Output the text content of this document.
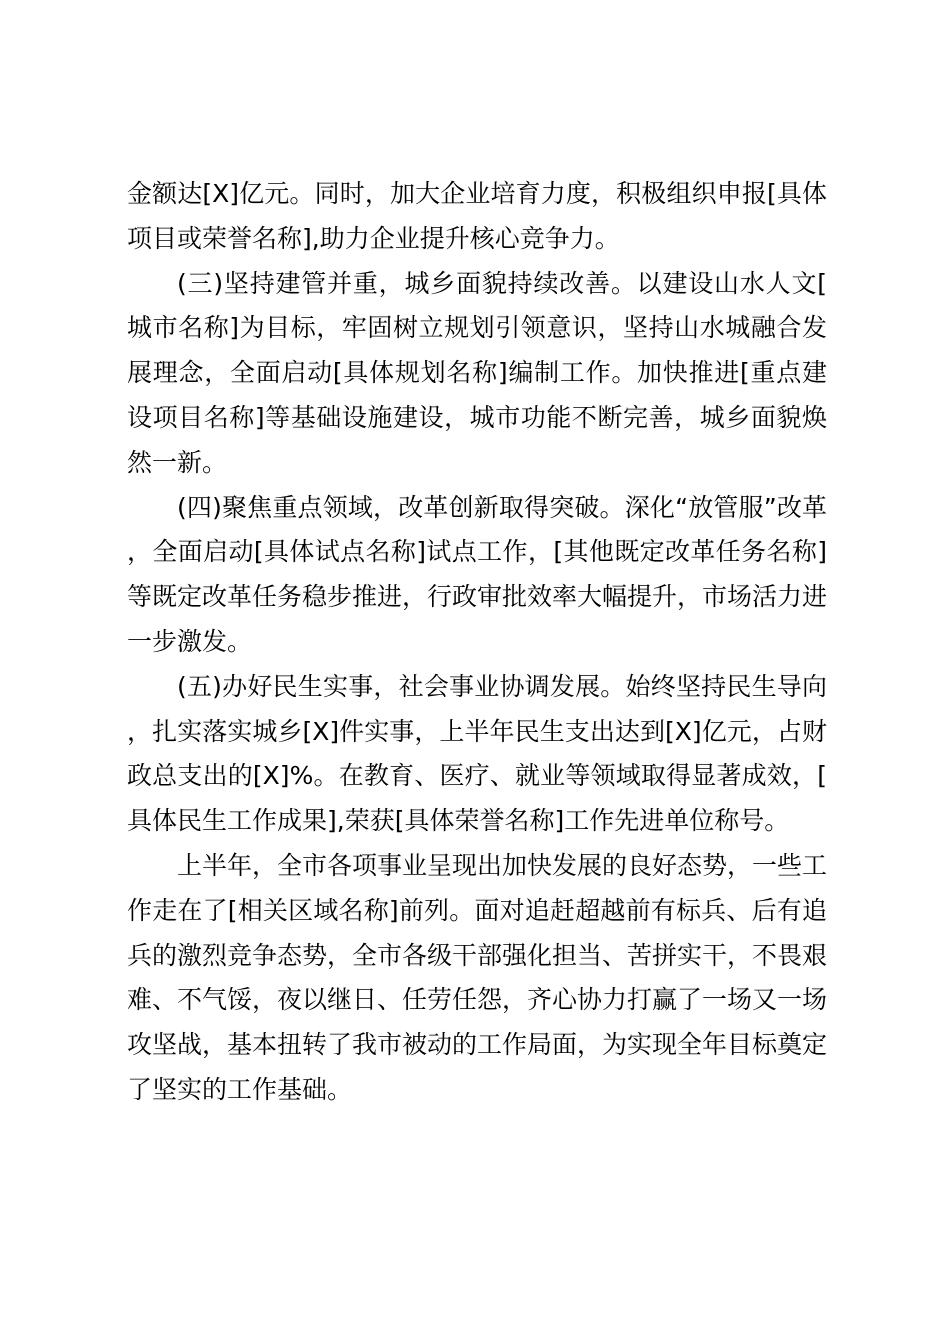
金额达[X]亿元。同时，加大企业培育力度，积极组织申报[具体项目或荣誉名称],助力企业提升核心竞争力。

(三)坚持建管并重，城乡面貌持续改善。以建设山水人文[城市名称]为目标，牢固树立规划引领意识，坚持山水城融合发展理念，全面启动[具体规划名称]编制工作。加快推进[重点建设项目名称]等基础设施建设，城市功能不断完善，城乡面貌焕然一新。

(四)聚焦重点领域，改革创新取得突破。深化“放管服”改革，全面启动[具体试点名称]试点工作，[其他既定改革任务名称]等既定改革任务稳步推进，行政审批效率大幅提升，市场活力进一步激发。

(五)办好民生实事，社会事业协调发展。始终坚持民生导向，扎实落实城乡[X]件实事，上半年民生支出达到[X]亿元，占财政总支出的[X]%。在教育、医疗、就业等领域取得显著成效，[具体民生工作成果],荣获[具体荣誉名称]工作先进单位称号。

上半年，全市各项事业呈现出加快发展的良好态势，一些工作走在了[相关区域名称]前列。面对追赶超越前有标兵、后有追兵的激烈竞争态势，全市各级干部强化担当、苦拼实干，不畏艰难、不气馁，夜以继日、任劳任怨，齐心协力打赢了一场又一场攻坚战，基本扭转了我市被动的工作局面，为实现全年目标奠定了坚实的工作基础。
